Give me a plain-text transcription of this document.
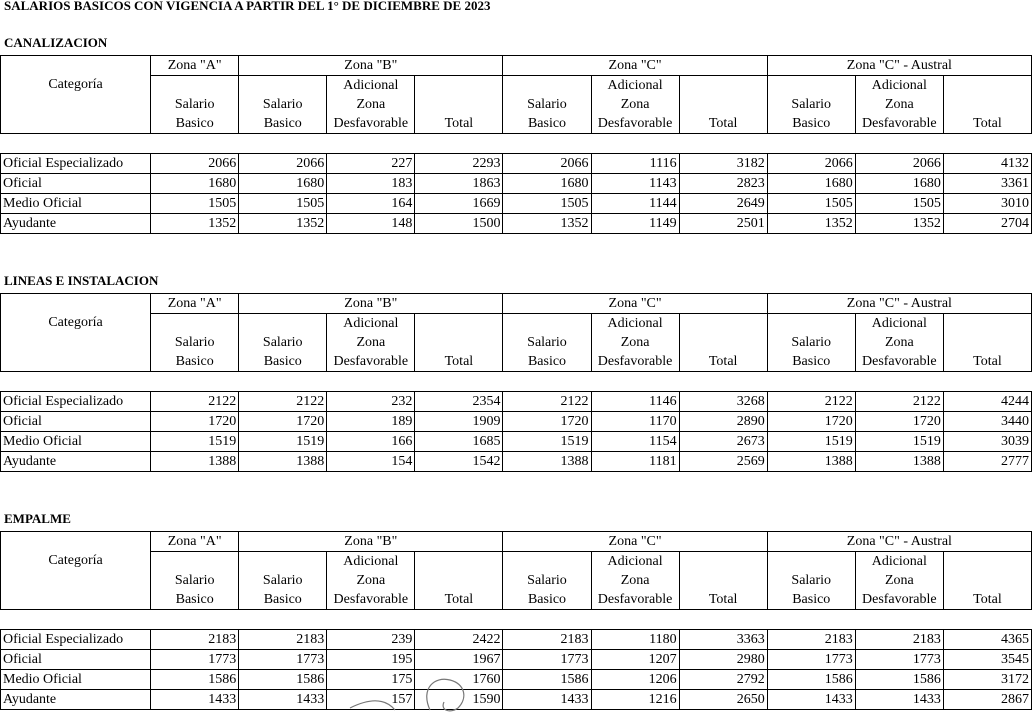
SALARIOS BASICOS CON VIGENCIA A PARTIR DEL 1° DE DICIEMBRE DE 2023
CANALIZACION
Categoría	Zona "A"	Zona "B"			Zona "C"			Zona "C" - Austral		
			Adicional			Adicional			Adicional	
	Salario	Salario	Zona		Salario	Zona		Salario	Zona	
	Basico	Basico	Desfavorable	Total	Basico	Desfavorable	Total	Basico	Desfavorable	Total
Oficial Especializado	2066	2066	227	2293	2066	1116	3182	2066	2066	4132
Oficial	1680	1680	183	1863	1680	1143	2823	1680	1680	3361
Medio Oficial	1505	1505	164	1669	1505	1144	2649	1505	1505	3010
Ayudante	1352	1352	148	1500	1352	1149	2501	1352	1352	2704
LINEAS E INSTALACION
Categoría	Zona "A"	Zona "B"			Zona "C"			Zona "C" - Austral		
			Adicional			Adicional			Adicional	
	Salario	Salario	Zona		Salario	Zona		Salario	Zona	
	Basico	Basico	Desfavorable	Total	Basico	Desfavorable	Total	Basico	Desfavorable	Total
Oficial Especializado	2122	2122	232	2354	2122	1146	3268	2122	2122	4244
Oficial	1720	1720	189	1909	1720	1170	2890	1720	1720	3440
Medio Oficial	1519	1519	166	1685	1519	1154	2673	1519	1519	3039
Ayudante	1388	1388	154	1542	1388	1181	2569	1388	1388	2777
EMPALME
Categoría	Zona "A"	Zona "B"			Zona "C"			Zona "C" - Austral		
			Adicional			Adicional			Adicional	
	Salario	Salario	Zona		Salario	Zona		Salario	Zona	
	Basico	Basico	Desfavorable	Total	Basico	Desfavorable	Total	Basico	Desfavorable	Total
Oficial Especializado	2183	2183	239	2422	2183	1180	3363	2183	2183	4365
Oficial	1773	1773	195	1967	1773	1207	2980	1773	1773	3545
Medio Oficial	1586	1586	175	1760	1586	1206	2792	1586	1586	3172
Ayudante	1433	1433	157	1590	1433	1216	2650	1433	1433	2867
